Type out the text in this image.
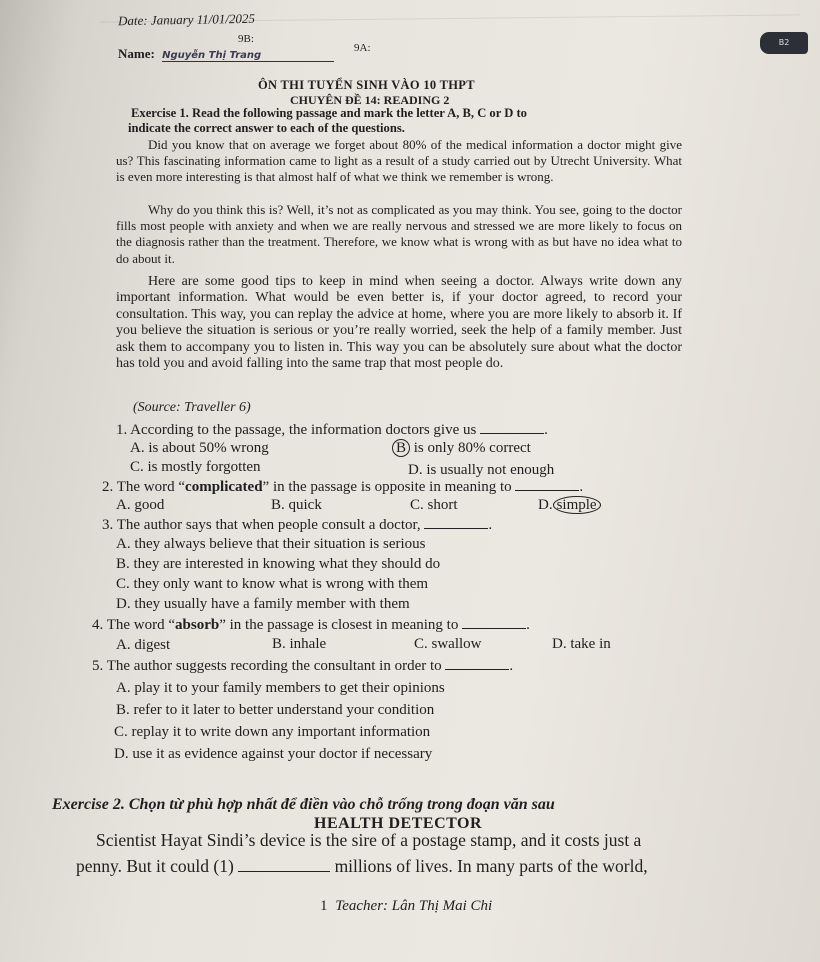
Date: January 11/01/2025
9B:
Name: Nguyễn Thị Trang
9A:	B2
ÔN THI TUYỂN SINH VÀO 10 THPT
CHUYÊN ĐỀ 14: READING 2
Exercise 1. Read the following passage and mark the letter A, B, C or D to
indicate the correct answer to each of the questions.
Did you know that on average we forget about 80% of the medical information a doctor might give us? This fascinating information came to light as a result of a study carried out by Utrecht University. What is even more interesting is that almost half of what we think we remember is wrong.
Why do you think this is? Well, it’s not as complicated as you may think. You see, going to the doctor fills most people with anxiety and when we are really nervous and stressed we are more likely to focus on the diagnosis rather than the treatment. Therefore, we know what is wrong with as but have no idea what to do about it.
Here are some good tips to keep in mind when seeing a doctor. Always write down any important information. What would be even better is, if your doctor agreed, to record your consultation. This way, you can replay the advice at home, where you are more likely to absorb it. If you believe the situation is serious or you’re really worried, seek the help of a family member. Just ask them to accompany you to listen in. This way you can be absolutely sure about what the doctor has told you and avoid falling into the same trap that most people do.
(Source: Traveller 6)
1. According to the passage, the information doctors give us	.
A. is about 50% wrong	B is only 80% correct
C. is mostly forgotten	D. is usually not enough
2. The word “complicated” in the passage is opposite in meaning to	.
A. good	B. quick	C. short	D. simple
3. The author says that when people consult a doctor,	.
A. they always believe that their situation is serious
B. they are interested in knowing what they should do
C. they only want to know what is wrong with them
D. they usually have a family member with them
4. The word “absorb” in the passage is closest in meaning to	.
A. digest	B. inhale	C. swallow	D. take in
5. The author suggests recording the consultant in order to	.
A. play it to your family members to get their opinions
B. refer to it later to better understand your condition
C. replay it to write down any important information
D. use it as evidence against your doctor if necessary
Exercise 2. Chọn từ phù hợp nhất để điền vào chỗ trống trong đoạn văn sau
HEALTH DETECTOR
Scientist Hayat Sindi’s device is the sire of a postage stamp, and it costs just a
penny. But it could (1)	millions of lives. In many parts of the world,
1 Teacher: Lân Thị Mai Chi
